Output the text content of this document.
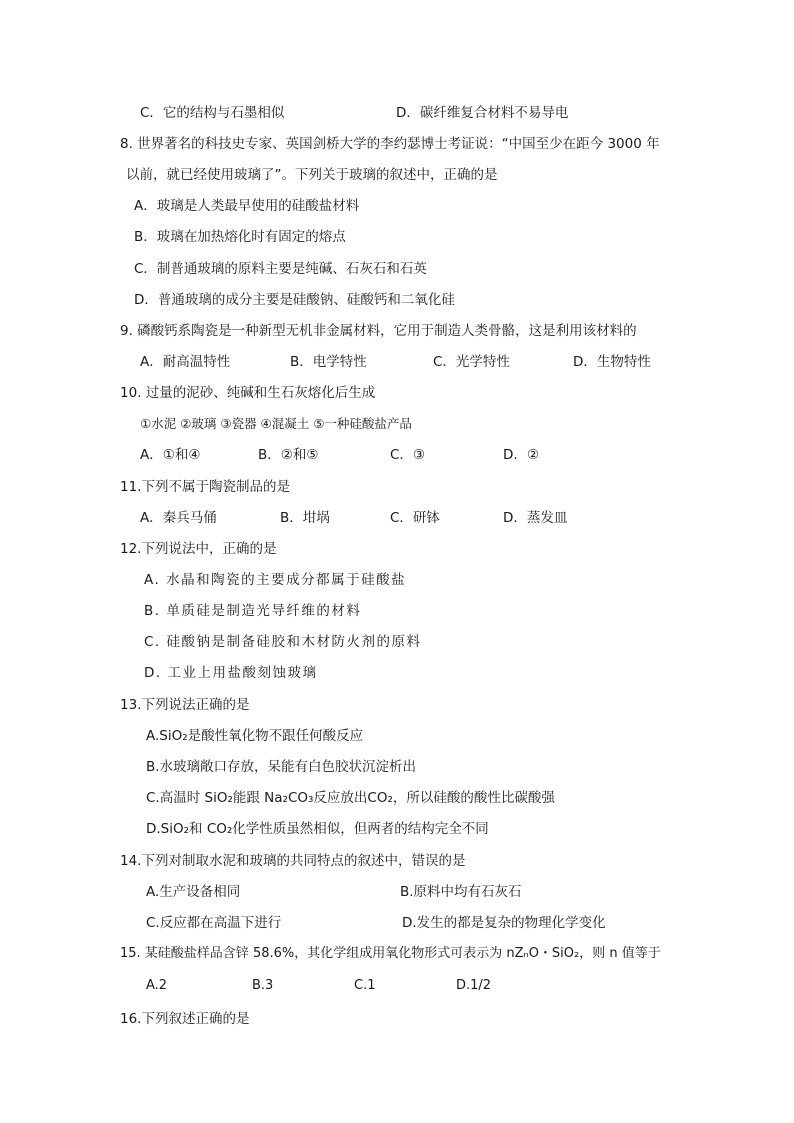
C．它的结构与石墨相似	D．碳纤维复合材料不易导电
8. 世界著名的科技史专家、英国剑桥大学的李约瑟博士考证说：“中国至少在距今 3000 年
以前，就已经使用玻璃了”。下列关于玻璃的叙述中，正确的是
A．玻璃是人类最早使用的硅酸盐材料
B．玻璃在加热熔化时有固定的熔点
C．制普通玻璃的原料主要是纯碱、石灰石和石英
D．普通玻璃的成分主要是硅酸钠、硅酸钙和二氧化硅
9. 磷酸钙系陶瓷是一种新型无机非金属材料，它用于制造人类骨骼，这是利用该材料的
A．耐高温特性	B．电学特性	C．光学特性	D．生物特性
10. 过量的泥砂、纯碱和生石灰熔化后生成
①水泥 ②玻璃 ③瓷器 ④混凝土 ⑤一种硅酸盐产品
A．①和④	B．②和⑤	C．③	D．②
11.下列不属于陶瓷制品的是
A．秦兵马俑	B．坩埚	C．研钵	D．蒸发皿
12.下列说法中，正确的是
A. 水晶和陶瓷的主要成分都属于硅酸盐
B. 单质硅是制造光导纤维的材料
C. 硅酸钠是制备硅胶和木材防火剂的原料
D. 工业上用盐酸刻蚀玻璃
13.下列说法正确的是
A.SiO₂是酸性氧化物不跟任何酸反应
B.水玻璃敞口存放，呆能有白色胶状沉淀析出
C.高温时 SiO₂能跟 Na₂CO₃反应放出CO₂，所以硅酸的酸性比碳酸强
D.SiO₂和 CO₂化学性质虽然相似，但两者的结构完全不同
14.下列对制取水泥和玻璃的共同特点的叙述中，错误的是
A.生产设备相同	B.原料中均有石灰石
C.反应都在高温下进行	D.发生的都是复杂的物理化学变化
15. 某硅酸盐样品含锌 58.6%，其化学组成用氧化物形式可表示为 nZₙO・SiO₂，则 n 值等于
A.2	B.3	C.1	D.1/2
16.下列叙述正确的是
